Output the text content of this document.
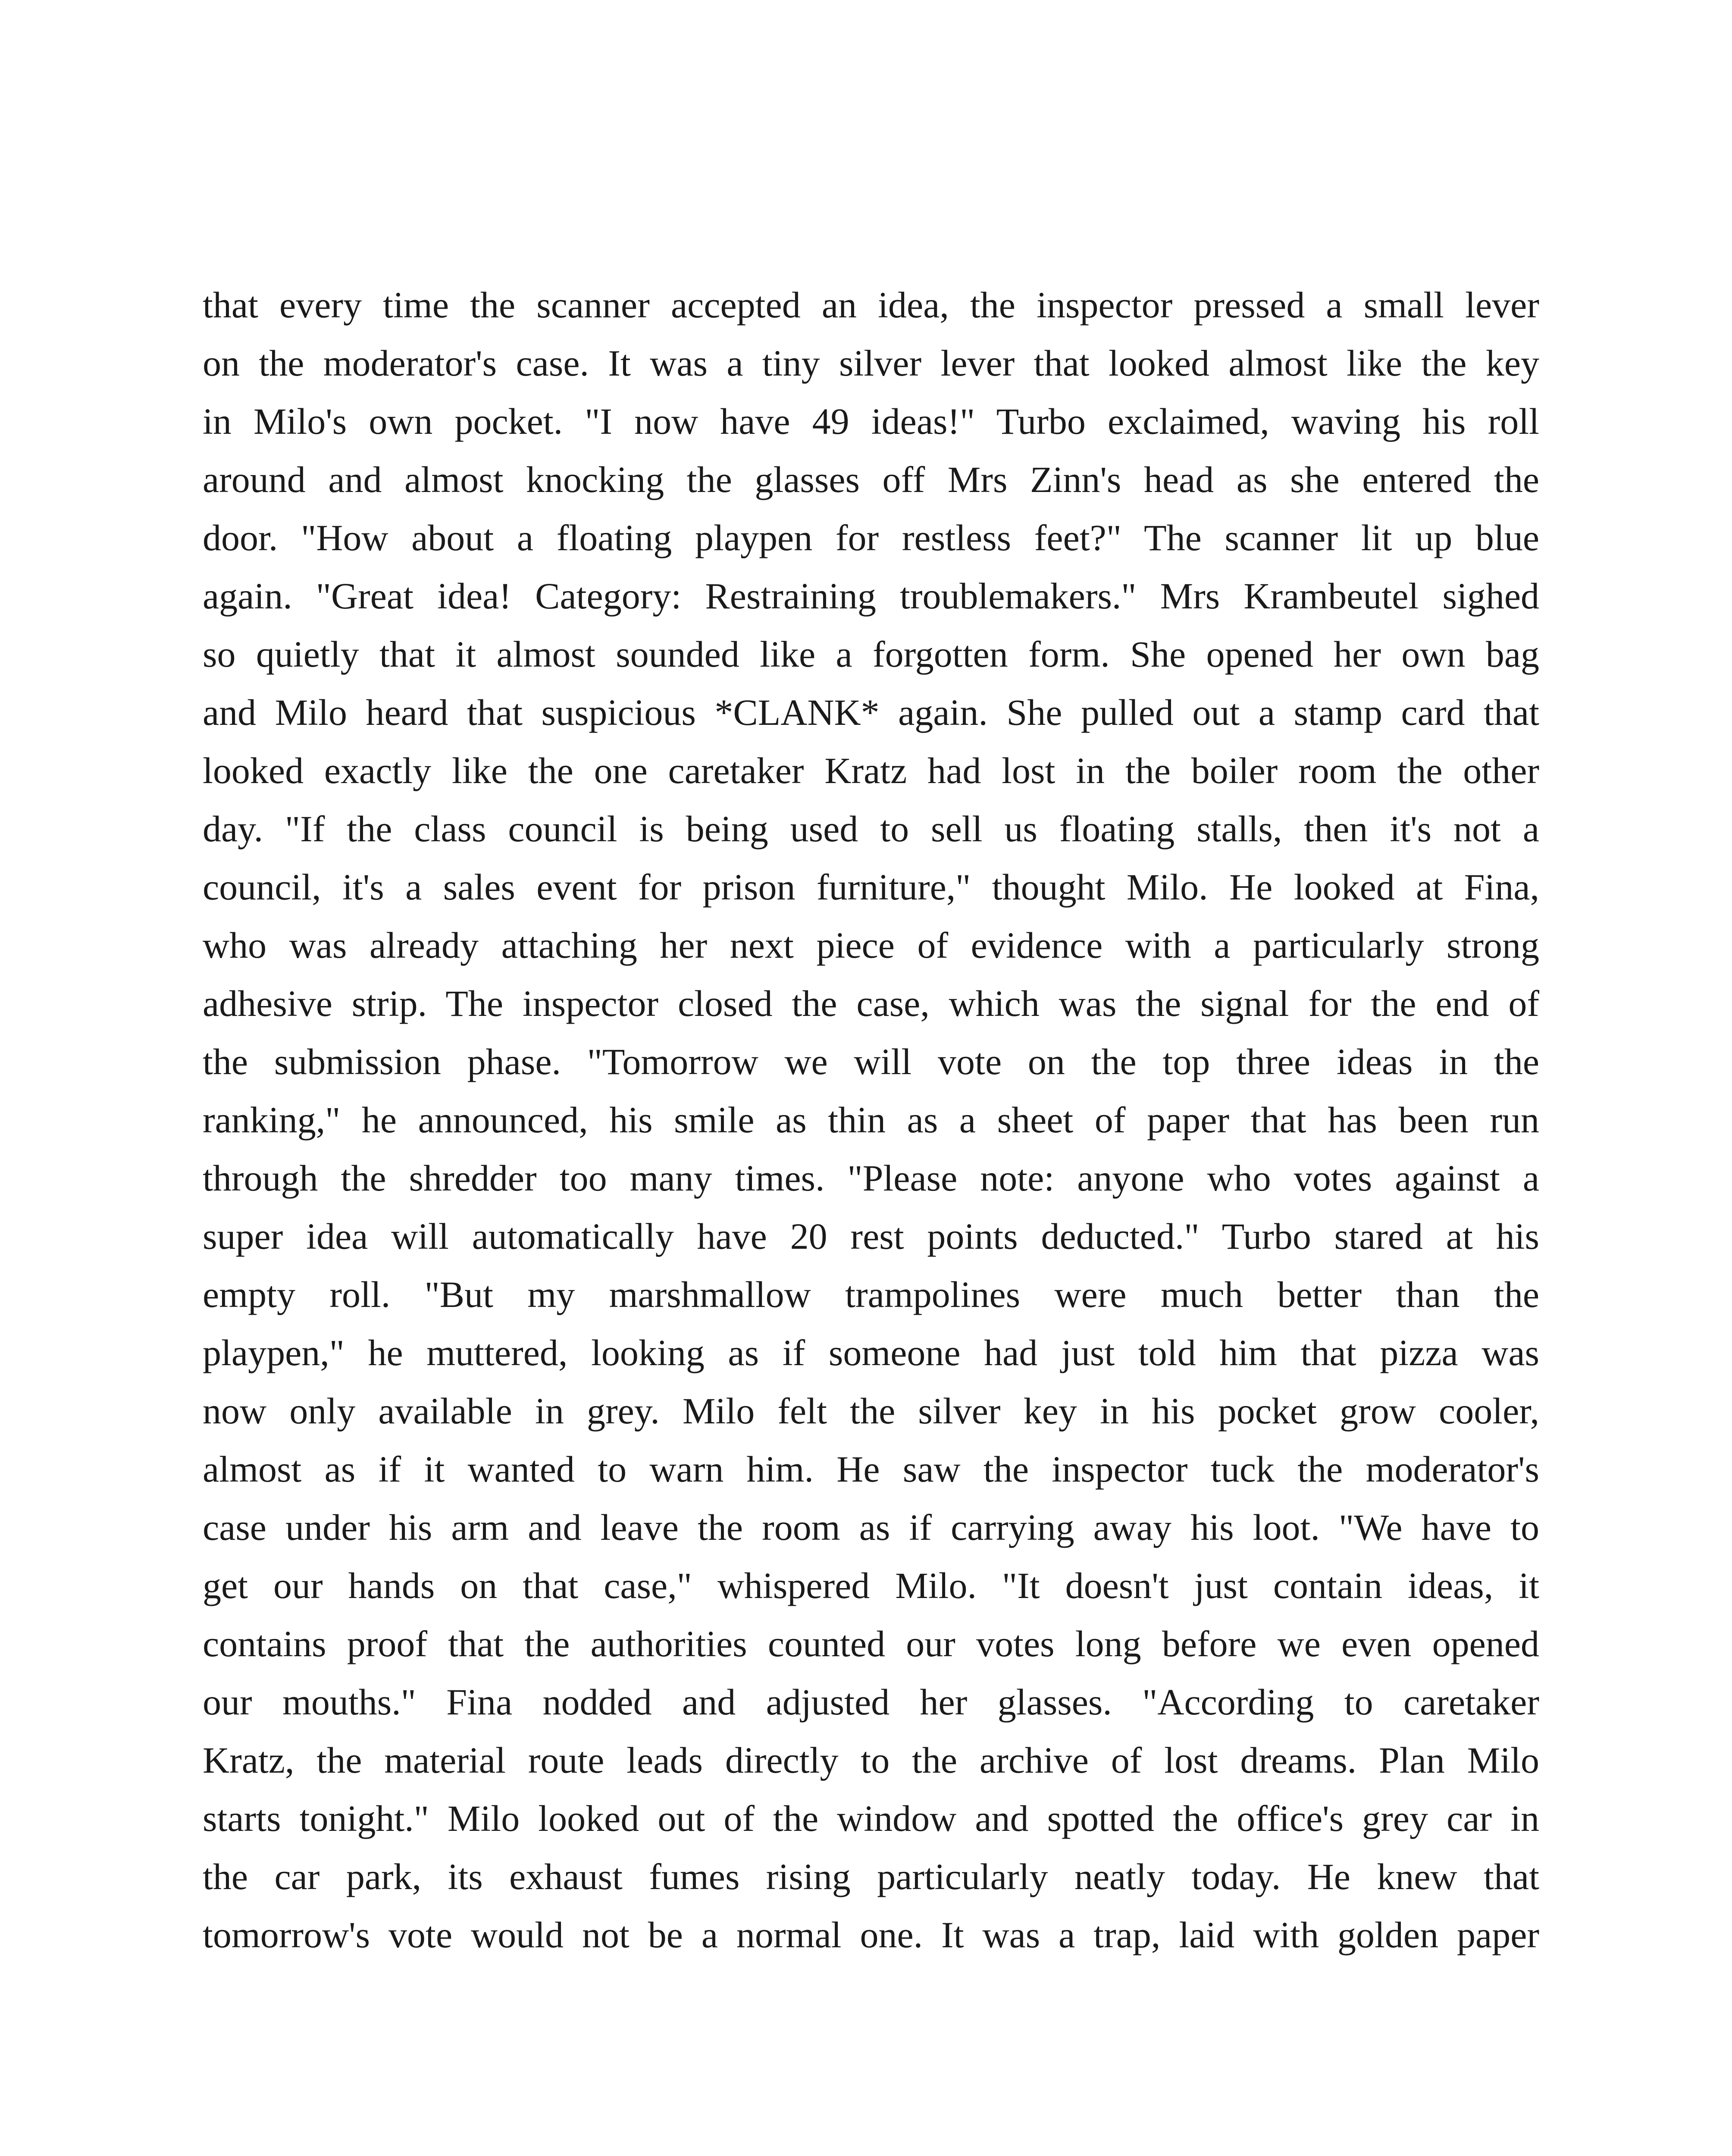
that every time the scanner accepted an idea, the inspector pressed a small lever
on the moderator's case. It was a tiny silver lever that looked almost like the key
in Milo's own pocket. "I now have 49 ideas!" Turbo exclaimed, waving his roll
around and almost knocking the glasses off Mrs Zinn's head as she entered the
door. "How about a floating playpen for restless feet?" The scanner lit up blue
again. "Great idea! Category: Restraining troublemakers." Mrs Krambeutel sighed
so quietly that it almost sounded like a forgotten form. She opened her own bag
and Milo heard that suspicious *CLANK* again. She pulled out a stamp card that
looked exactly like the one caretaker Kratz had lost in the boiler room the other
day. "If the class council is being used to sell us floating stalls, then it's not a
council, it's a sales event for prison furniture," thought Milo. He looked at Fina,
who was already attaching her next piece of evidence with a particularly strong
adhesive strip. The inspector closed the case, which was the signal for the end of
the submission phase. "Tomorrow we will vote on the top three ideas in the
ranking," he announced, his smile as thin as a sheet of paper that has been run
through the shredder too many times. "Please note: anyone who votes against a
super idea will automatically have 20 rest points deducted." Turbo stared at his
empty roll. "But my marshmallow trampolines were much better than the
playpen," he muttered, looking as if someone had just told him that pizza was
now only available in grey. Milo felt the silver key in his pocket grow cooler,
almost as if it wanted to warn him. He saw the inspector tuck the moderator's
case under his arm and leave the room as if carrying away his loot. "We have to
get our hands on that case," whispered Milo. "It doesn't just contain ideas, it
contains proof that the authorities counted our votes long before we even opened
our mouths." Fina nodded and adjusted her glasses. "According to caretaker
Kratz, the material route leads directly to the archive of lost dreams. Plan Milo
starts tonight." Milo looked out of the window and spotted the office's grey car in
the car park, its exhaust fumes rising particularly neatly today. He knew that
tomorrow's vote would not be a normal one. It was a trap, laid with golden paper
